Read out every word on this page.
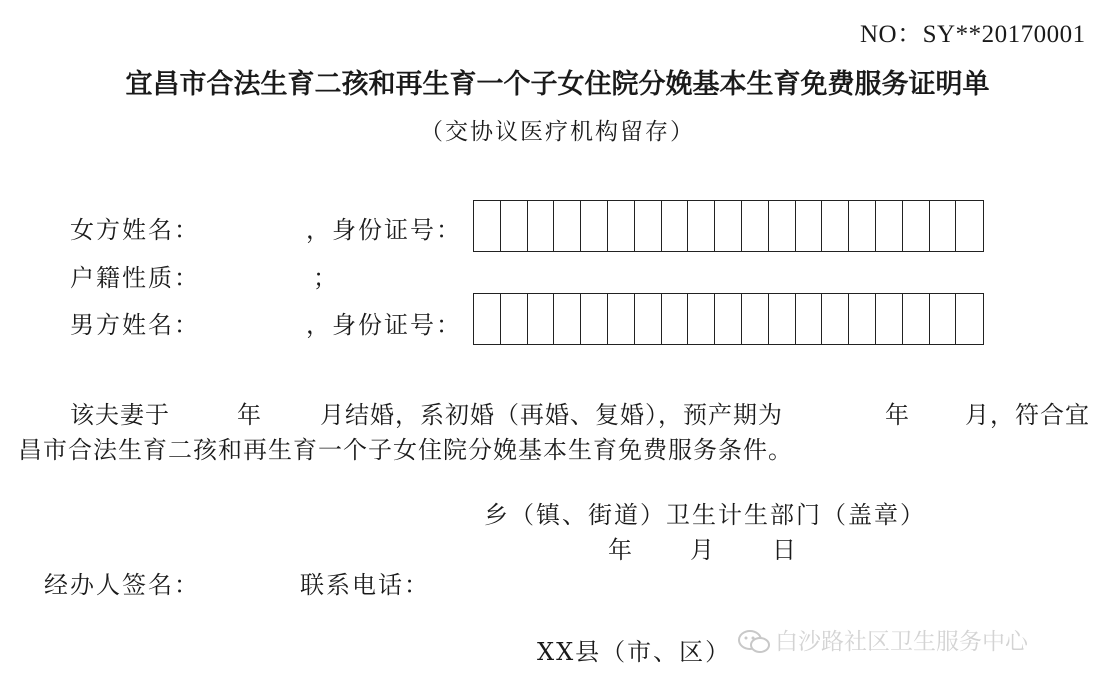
NO：SY**20170001
宜昌市合法生育二孩和再生育一个子女住院分娩基本生育免费服务证明单
（交协议医疗机构留存）
女方姓名：	，身份证号：
户籍性质：	；
男方姓名：	，身份证号：
该夫妻于	年 月结婚，系初婚（再婚、复婚），预产期为	年 月，符合宜
昌市合法生育二孩和再生育一个子女住院分娩基本生育免费服务条件。
乡（镇、街道）卫生计生部门（盖章）
年 月 日
经办人签名：	联系电话：
XX县（市、区） 白沙路社区卫生服务中心
